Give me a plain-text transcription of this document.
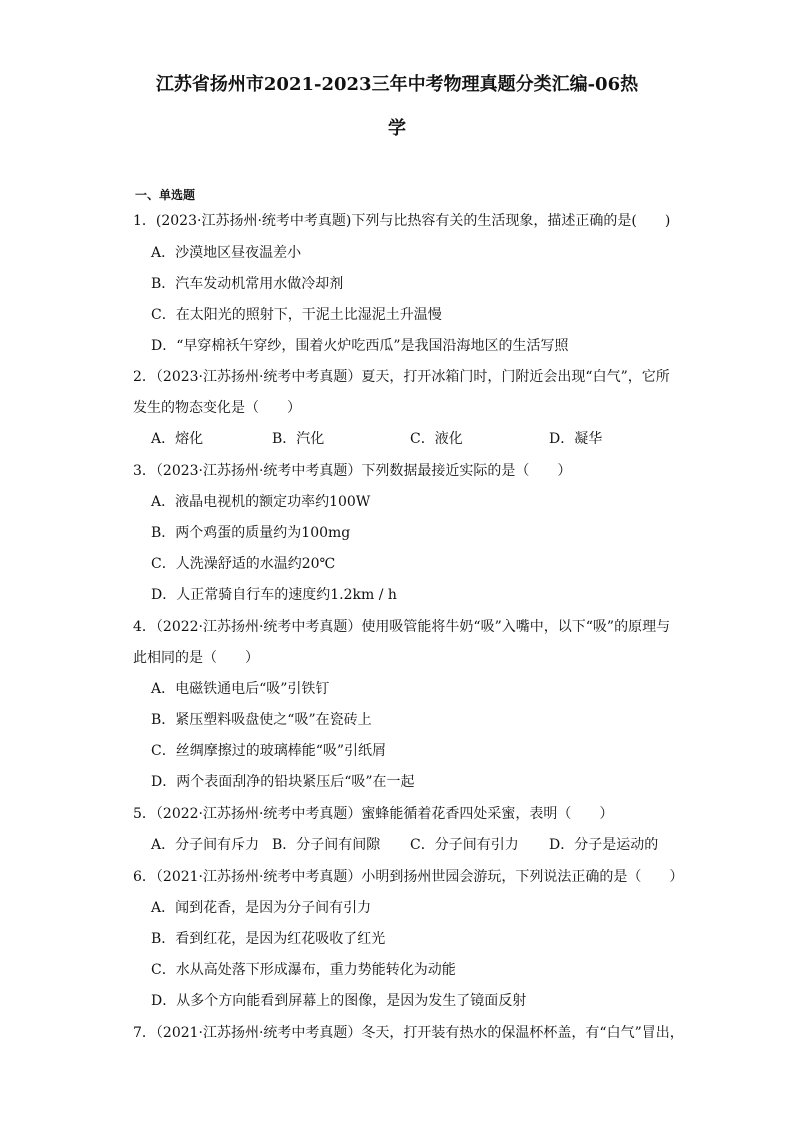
江苏省扬州市2021-2023三年中考物理真题分类汇编-06热
学
一、单选题
1．(2023·江苏扬州·统考中考真题)下列与比热容有关的生活现象，描述正确的是(　　)
A．沙漠地区昼夜温差小
B．汽车发动机常用水做冷却剂
C．在太阳光的照射下，干泥土比湿泥土升温慢
D．“早穿棉袄午穿纱，围着火炉吃西瓜”是我国沿海地区的生活写照
2．（2023·江苏扬州·统考中考真题）夏天，打开冰箱门时，门附近会出现“白气”，它所
发生的物态变化是（　　）
A．熔化	B．汽化	C．液化	D．凝华
3．（2023·江苏扬州·统考中考真题）下列数据最接近实际的是（　　）
A．液晶电视机的额定功率约100W
B．两个鸡蛋的质量约为100mg
C．人洗澡舒适的水温约20℃
D．人正常骑自行车的速度约1.2km / h
4．（2022·江苏扬州·统考中考真题）使用吸管能将牛奶“吸”入嘴中，以下“吸”的原理与
此相同的是（　　）
A．电磁铁通电后“吸”引铁钉
B．紧压塑料吸盘使之“吸”在瓷砖上
C．丝绸摩擦过的玻璃棒能“吸”引纸屑
D．两个表面刮净的铅块紧压后“吸”在一起
5．（2022·江苏扬州·统考中考真题）蜜蜂能循着花香四处采蜜，表明（　　）
A．分子间有斥力 B．分子间有间隙 C．分子间有引力 D．分子是运动的
6．（2021·江苏扬州·统考中考真题）小明到扬州世园会游玩，下列说法正确的是（　　）
A．闻到花香，是因为分子间有引力
B．看到红花，是因为红花吸收了红光
C．水从高处落下形成瀑布，重力势能转化为动能
D．从多个方向能看到屏幕上的图像，是因为发生了镜面反射
7．（2021·江苏扬州·统考中考真题）冬天，打开装有热水的保温杯杯盖，有“白气”冒出，
